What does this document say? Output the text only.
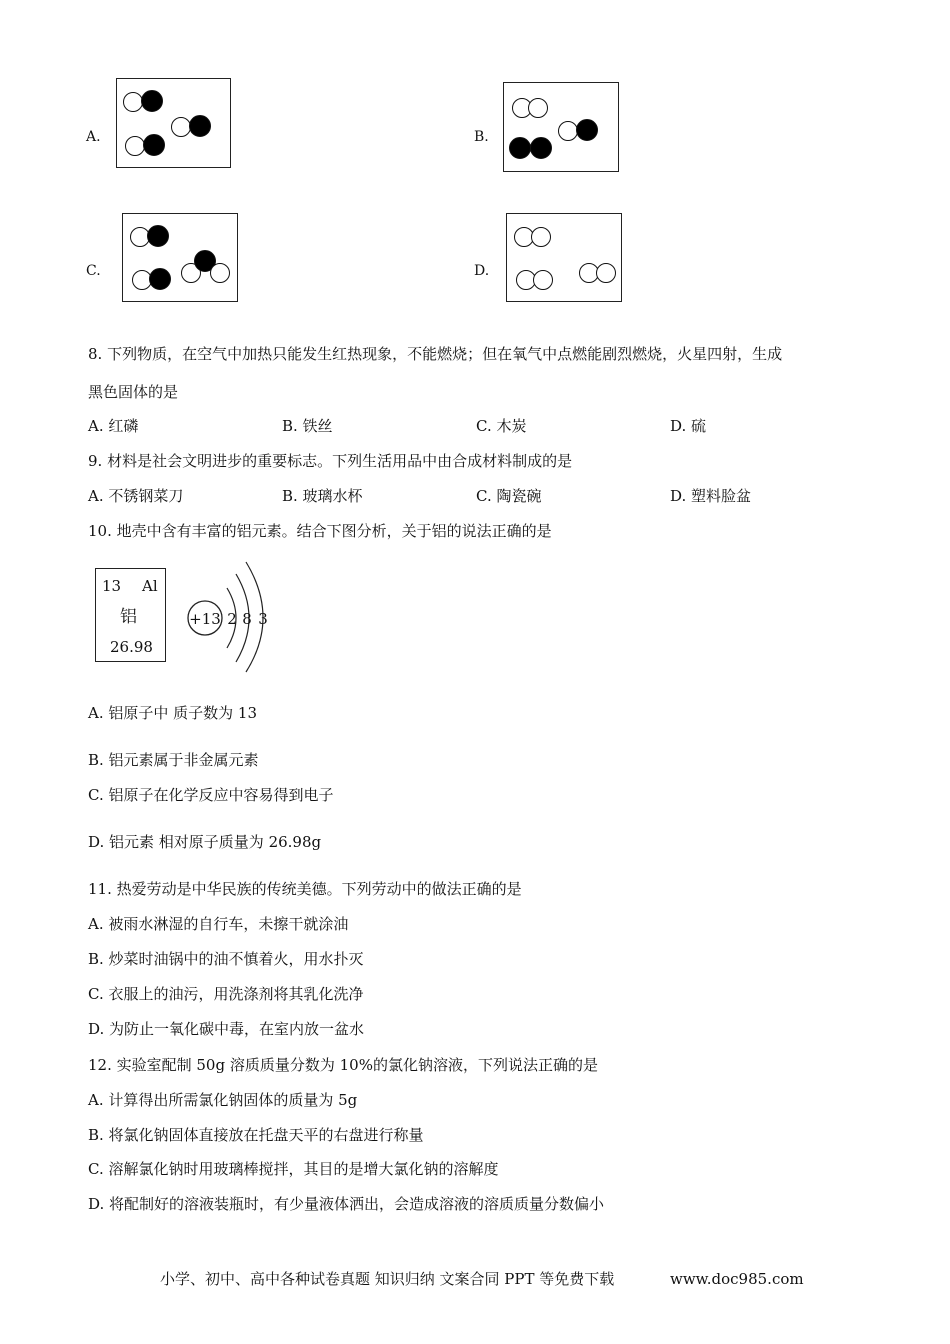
A.	B.
C.	D.
8. 下列物质，在空气中加热只能发生红热现象，不能燃烧；但在氧气中点燃能剧烈燃烧，火星四射，生成
黑色固体的是
A. 红磷	B. 铁丝	C. 木炭	D. 硫
9. 材料是社会文明进步的重要标志。下列生活用品中由合成材料制成的是
A. 不锈钢菜刀	B. 玻璃水杯	C. 陶瓷碗	D. 塑料脸盆
10. 地壳中含有丰富的铝元素。结合下图分析，关于铝的说法正确的是
13 Al
铝
26.98
+13 2 8 3
A. 铝原子中 质子数为 13
B. 铝元素属于非金属元素
C. 铝原子在化学反应中容易得到电子
D. 铝元素 相对原子质量为 26.98g
11. 热爱劳动是中华民族的传统美德。下列劳动中的做法正确的是
A. 被雨水淋湿的自行车，未擦干就涂油
B. 炒菜时油锅中的油不慎着火，用水扑灭
C. 衣服上的油污，用洗涤剂将其乳化洗净
D. 为防止一氧化碳中毒，在室内放一盆水
12. 实验室配制 50g 溶质质量分数为 10%的氯化钠溶液，下列说法正确的是
A. 计算得出所需氯化钠固体的质量为 5g
B. 将氯化钠固体直接放在托盘天平的右盘进行称量
C. 溶解氯化钠时用玻璃棒搅拌，其目的是增大氯化钠的溶解度
D. 将配制好的溶液装瓶时，有少量液体洒出，会造成溶液的溶质质量分数偏小
小学、初中、高中各种试卷真题 知识归纳 文案合同 PPT 等免费下载	www.doc985.com
